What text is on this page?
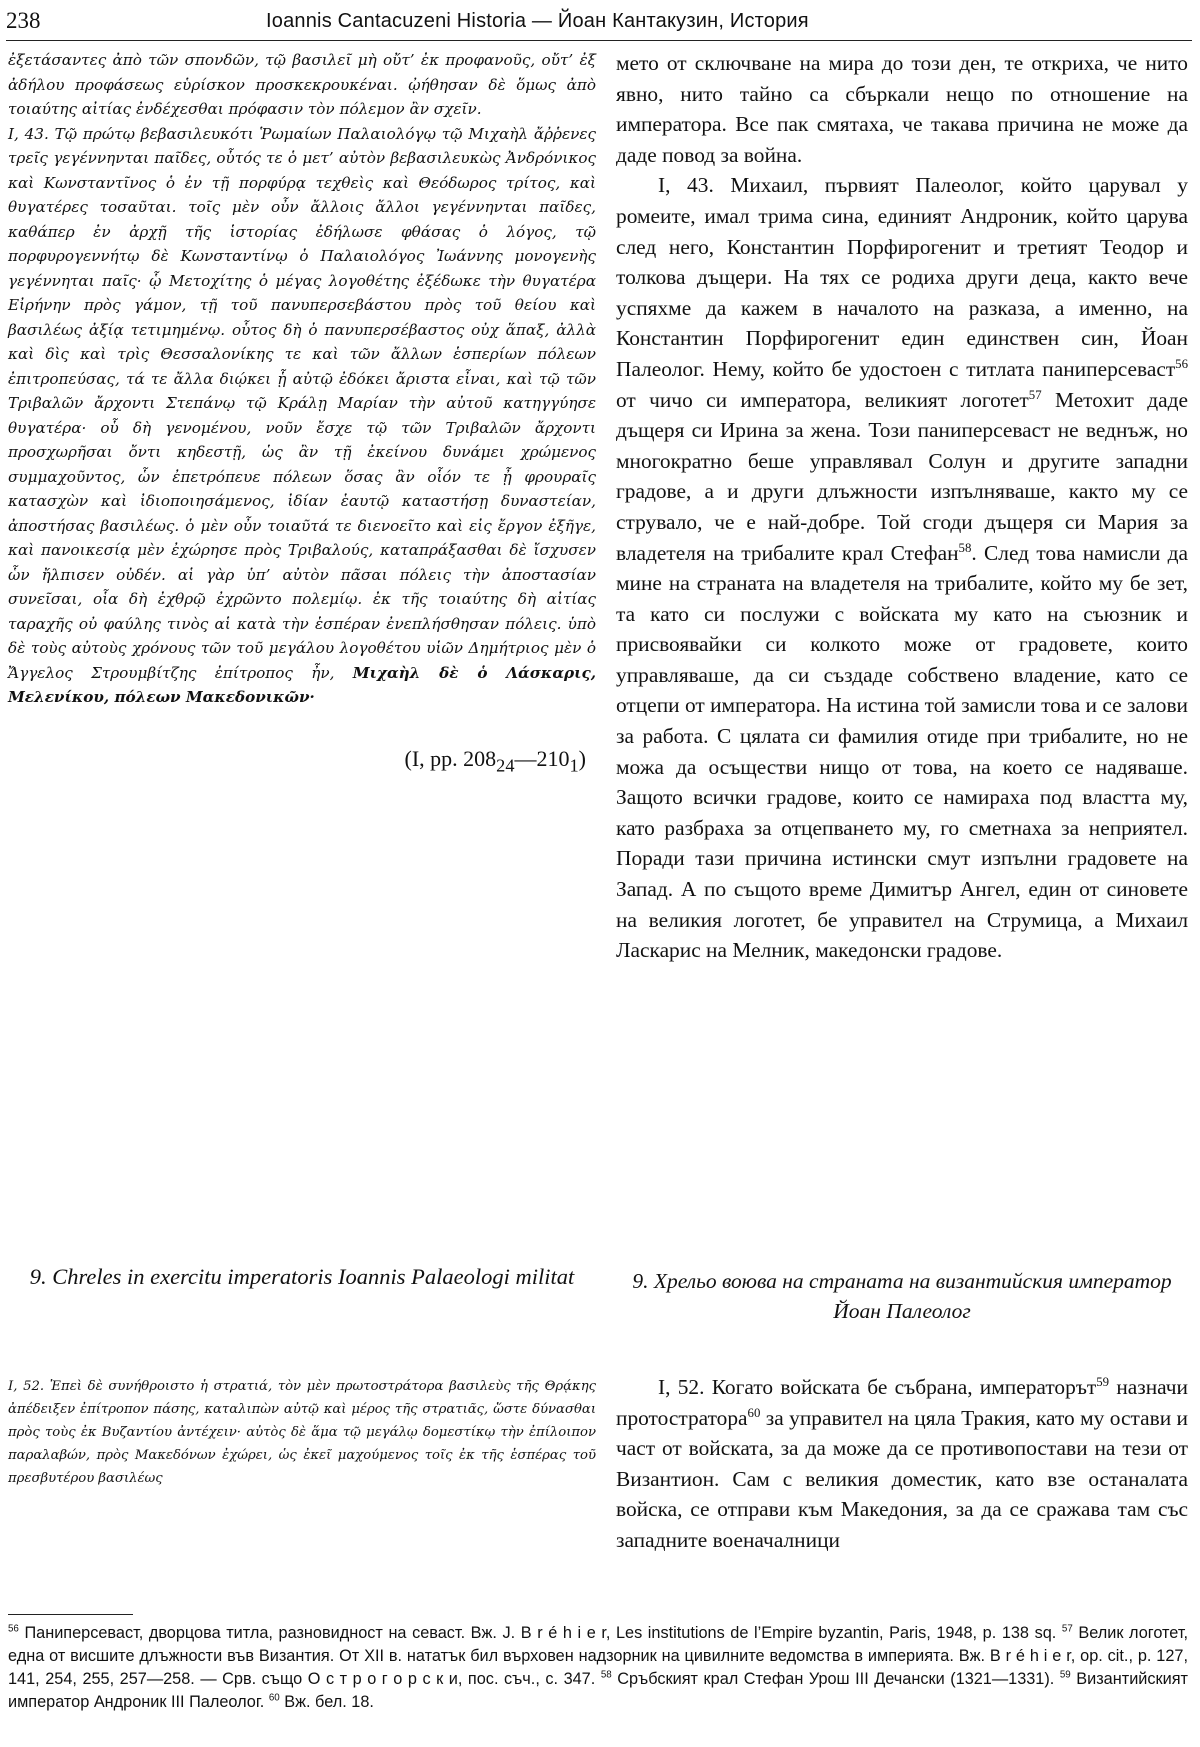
238	Ioannis Cantacuzeni Historia — Йоан Кантакузин, История

ἐξετάσαντες ἀπὸ τῶν σπονδῶν, τῷ βασιλεῖ μὴ οὔτ’ ἐκ προφανοῦς, οὔτ’ ἐξ ἀδήλου προφάσεως εὑρίσκον προσκεκρουκέναι. ᾠήθησαν δὲ ὅμως ἀπὸ τοιαύτης αἰτίας ἐνδέχεσθαι πρόφασιν τὸν πόλεμον ἂν σχεῖν.

I, 43. Τῷ πρώτῳ βεβασιλευκότι Ῥωμαίων Παλαιολόγῳ τῷ Μιχαὴλ ἄῤῥενες τρεῖς γεγέννηνται παῖδες, οὗτός τε ὁ μετ’ αὐτὸν βεβασιλευκὼς Ἀνδρόνικος καὶ Κωνσταντῖνος ὁ ἐν τῇ πορφύρᾳ τεχθεὶς καὶ Θεόδωρος τρίτος, καὶ θυγατέρες τοσαῦται. τοῖς μὲν οὖν ἄλλοις ἄλλοι γεγέννηνται παῖδες, καθάπερ ἐν ἀρχῇ τῆς ἱστορίας ἐδήλωσε φθάσας ὁ λόγος, τῷ πορφυρογεννήτῳ δὲ Κωνσταντίνῳ ὁ Παλαιολόγος Ἰωάννης μονογενὴς γεγέννηται παῖς· ᾧ Μετοχίτης ὁ μέγας λογοθέτης ἐξέδωκε τὴν θυγατέρα Εἰρήνην πρὸς γάμον, τῇ τοῦ πανυπερσεβάστου πρὸς τοῦ θείου καὶ βασιλέως ἀξίᾳ τετιμημένῳ. οὗτος δὴ ὁ πανυπερσέβαστος οὐχ ἅπαξ, ἀλλὰ καὶ δὶς καὶ τρὶς Θεσσαλονίκης τε καὶ τῶν ἄλλων ἑσπερίων πόλεων ἐπιτροπεύσας, τά τε ἄλλα διῴκει ᾗ αὐτῷ ἐδόκει ἄριστα εἶναι, καὶ τῷ τῶν Τριβαλῶν ἄρχοντι Στεπάνῳ τῷ Κράλῃ Μαρίαν τὴν αὐτοῦ κατηγγύησε θυγατέρα· οὗ δὴ γενομένου, νοῦν ἔσχε τῷ τῶν Τριβαλῶν ἄρχοντι προσχωρῆσαι ὄντι κηδεστῇ, ὡς ἂν τῇ ἐκείνου δυνάμει χρώμενος συμμαχοῦντος, ὧν ἐπετρόπευε πόλεων ὅσας ἂν οἷόν τε ᾖ φρουραῖς κατασχὼν καὶ ἰδιοποιησάμενος, ἰδίαν ἑαυτῷ καταστήσῃ δυναστείαν, ἀποστήσας βασιλέως. ὁ μὲν οὖν τοιαῦτά τε διενοεῖτο καὶ εἰς ἔργον ἐξῆγε, καὶ πανοικεσίᾳ μὲν ἐχώρησε πρὸς Τριβαλούς, καταπράξασθαι δὲ ἴσχυσεν ὧν ἤλπισεν οὐδέν. αἱ γὰρ ὑπ’ αὐτὸν πᾶσαι πόλεις τὴν ἀποστασίαν συνεῖσαι, οἷα δὴ ἐχθρῷ ἐχρῶντο πολεμίῳ. ἐκ τῆς τοιαύτης δὴ αἰτίας ταραχῆς οὐ φαύλης τινὸς αἱ κατὰ τὴν ἑσπέραν ἐνεπλήσθησαν πόλεις. ὑπὸ δὲ τοὺς αὐτοὺς χρόνους τῶν τοῦ μεγάλου λογοθέτου υἱῶν Δημήτριος μὲν ὁ Ἄγγελος Στρουμβίτζης ἐπίτροπος ἦν, Μιχαὴλ δὲ ὁ Λάσκαρις, Μελενίκου, πόλεων Μακεδονικῶν·

(I, pp. $208_{24}—210_1$)

мето от сключване на мира до този ден, те откриха, че нито явно, нито тайно са сбъркали нещо по отношение на императора. Все пак смятаха, че такава причина не може да даде повод за война.

I, 43. Михаил, първият Палеолог, който царувал у ромеите, имал трима сина, единият Андроник, който царува след него, Константин Порфирогенит и третият Теодор и толкова дъщери. На тях се родиха други деца, както вече успяхме да кажем в началото на разказа, а именно, на Константин Порфирогенит един единствен син, Йоан Палеолог. Нему, който бе удостоен с титлата паниперсеваст$^{56}$ от чичо си императора, великият логотет$^{57}$ Метохит даде дъщеря си Ирина за жена. Този паниперсеваст не веднъж, но многократно беше управлявал Солун и другите западни градове, а и други длъжности изпълняваше, както му се струвало, че е най-добре. Той сгоди дъщеря си Мария за владетеля на трибалите крал Стефан$^{58}$. След това намисли да мине на страната на владетеля на трибалите, който му бе зет, та като си послужи с войската му като на съюзник и присвоявайки си колкото може от градовете, които управляваше, да си създаде собствено владение, като се отцепи от императора. На истина той замисли това и се залови за работа. С цялата си фамилия отиде при трибалите, но не можа да осъществи нищо от това, на което се надяваше. Защото всички градове, които се намираха под властта му, като разбраха за отцепването му, го сметнаха за неприятел. Поради тази причина истински смут изпълни градовете на Запад. А по същото време Димитър Ангел, един от синовете на великия логотет, бе управител на Струмица, а Михаил Ласкарис на Мелник, македонски градове.

9. Chreles in exercitu imperatoris Ioannis Palaeologi militat	9. Хрельо воюва на страната на византийския император Йоан Палеолог

I, 52. Ἐπεὶ δὲ συνήθροιστο ἡ στρατιά, τὸν μὲν πρωτοστράτορα βασιλεὺς τῆς Θρᾴκης ἀπέδειξεν ἐπίτροπον πάσης, καταλιπὼν αὐτῷ καὶ μέρος τῆς στρατιᾶς, ὥστε δύνασθαι πρὸς τοὺς ἐκ Βυζαντίου ἀντέχειν· αὐτὸς δὲ ἅμα τῷ μεγάλῳ δομεστίκῳ τὴν ἐπίλοιπον παραλαβών, πρὸς Μακεδόνων ἐχώρει, ὡς ἐκεῖ μαχούμενος τοῖς ἐκ τῆς ἑσπέρας τοῦ πρεσβυτέρου βασιλέως

I, 52. Когато войската бе събрана, императорът$^{59}$ назначи протостратора$^{60}$ за управител на цяла Тракия, като му остави и част от войската, за да може да се противопостави на тези от Византион. Сам с великия доместик, като взе останалата войска, се отправи към Македония, за да се сражава там със западните военачалници

$^{56}$ Паниперсеваст, дворцова титла, разновидност на севаст. Вж. J. B r é h i e r, Les institutions de l’Empire byzantin, Paris, 1948, p. 138 sq. $^{57}$ Велик логотет, една от висшите длъжности във Византия. От XII в. нататък бил върховен надзорник на цивилните ведомства в империята. Вж. B r é h i e r, op. cit., p. 127, 141, 254, 255, 257—258. — Срв. също О с т р о г о р с к и, пос. съч., с. 347. $^{58}$ Сръбският крал Стефан Урош III Дечански (1321—1331). $^{59}$ Византийският император Андроник III Палеолог. $^{60}$ Вж. бел. 18.
